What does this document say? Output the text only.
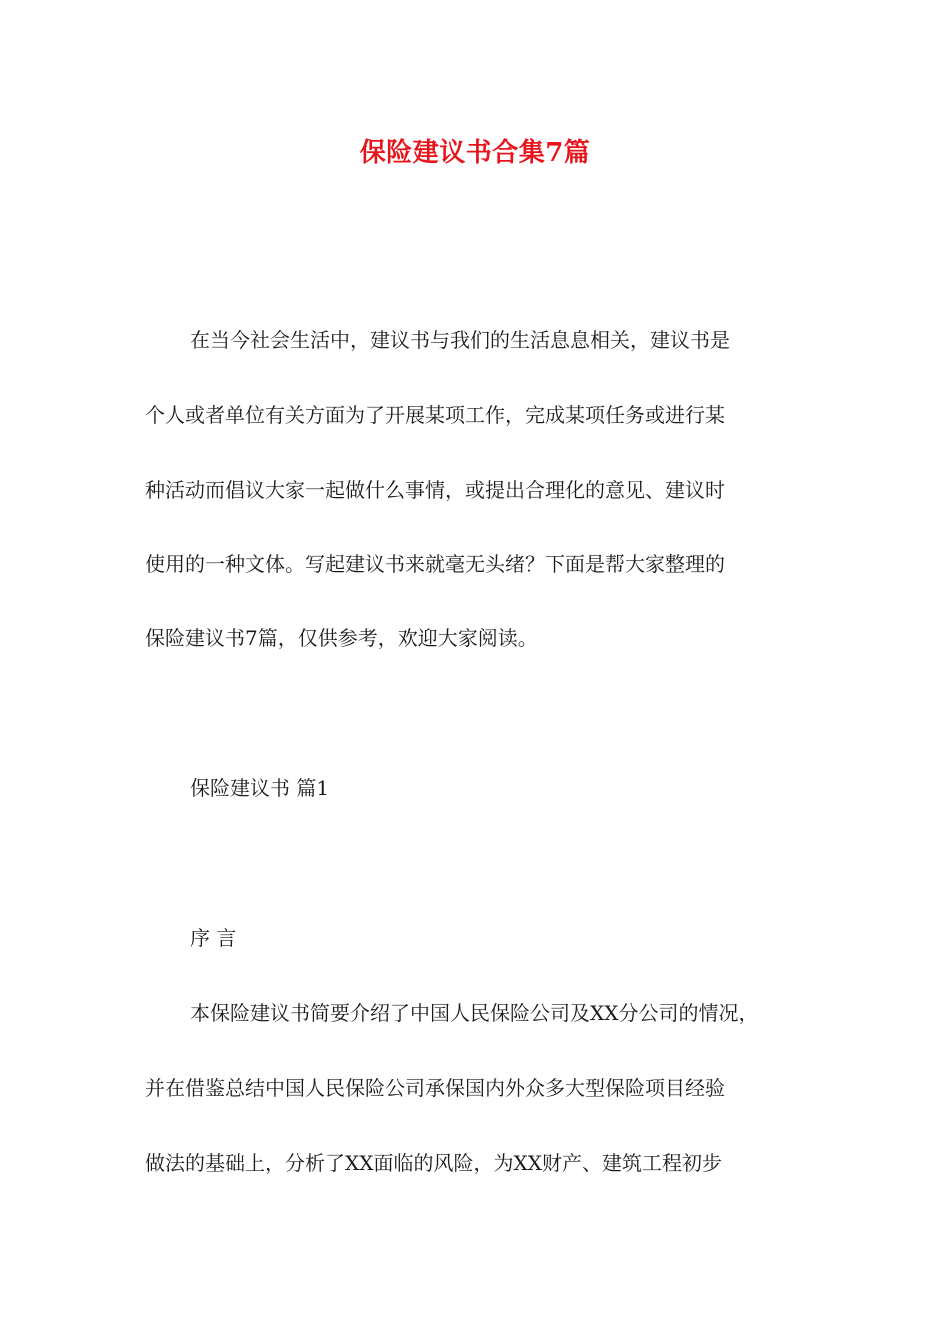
保险建议书合集7篇
在当今社会生活中，建议书与我们的生活息息相关，建议书是
个人或者单位有关方面为了开展某项工作，完成某项任务或进行某
种活动而倡议大家一起做什么事情，或提出合理化的意见、建议时
使用的一种文体。写起建议书来就毫无头绪？下面是帮大家整理的
保险建议书7篇，仅供参考，欢迎大家阅读。
保险建议书 篇1
序 言
本保险建议书简要介绍了中国人民保险公司及XX分公司的情况，
并在借鉴总结中国人民保险公司承保国内外众多大型保险项目经验
做法的基础上，分析了XX面临的风险，为XX财产、建筑工程初步
